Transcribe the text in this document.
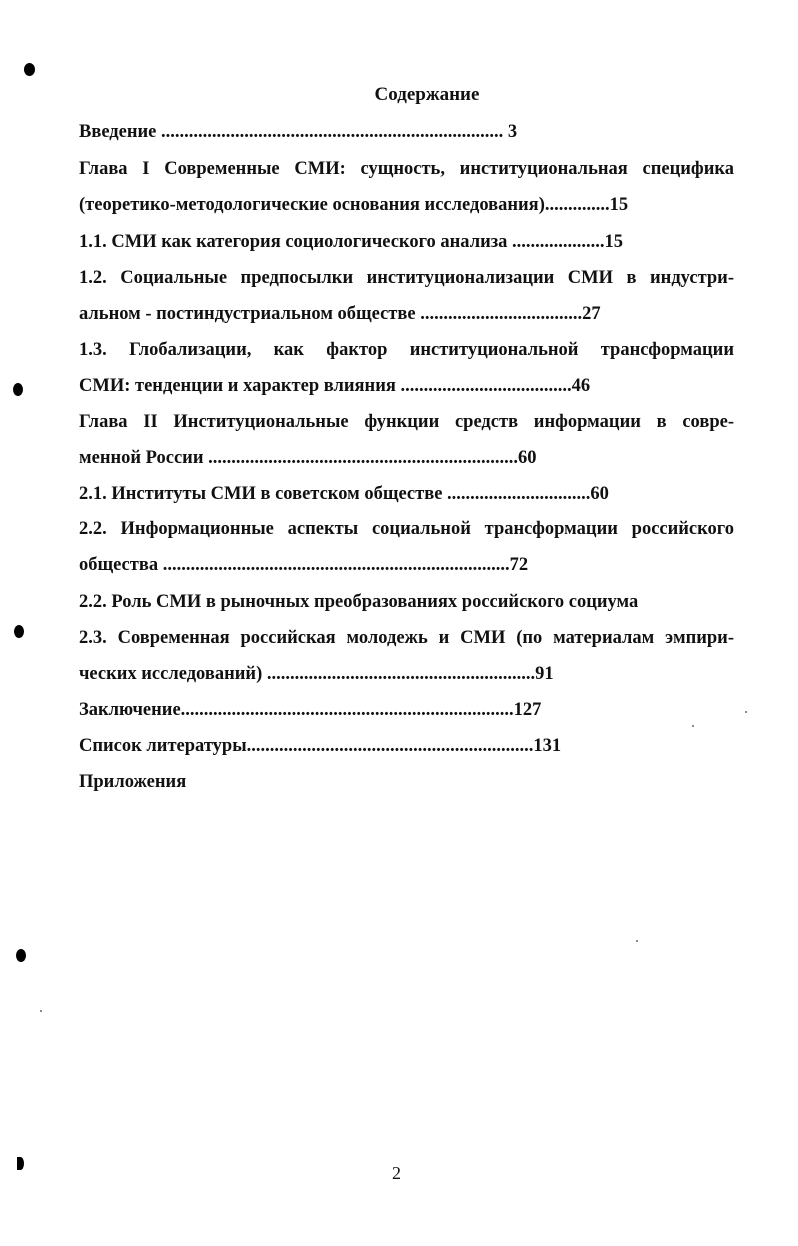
Содержание
Введение .......................................................................... 3
Глава I Современные СМИ: сущность, институциональная специфика
(теоретико-методологические основания исследования)..............15
1.1. СМИ как категория социологического анализа ....................15
1.2. Социальные предпосылки институционализации СМИ в индустри-
альном - постиндустриальном обществе ...................................27
1.3. Глобализации, как фактор институциональной трансформации
СМИ: тенденции и характер влияния .....................................46
Глава II Институциональные функции средств информации в совре-
менной России ...................................................................60
2.1. Институты СМИ в советском обществе ...............................60
2.2. Информационные аспекты социальной трансформации российского
общества ...........................................................................72
2.2. Роль СМИ в рыночных преобразованиях российского социума
2.3. Современная российская молодежь и СМИ (по материалам эмпири-
ческих исследований) ..........................................................91
Заключение........................................................................127
Список литературы..............................................................131
Приложения
2
